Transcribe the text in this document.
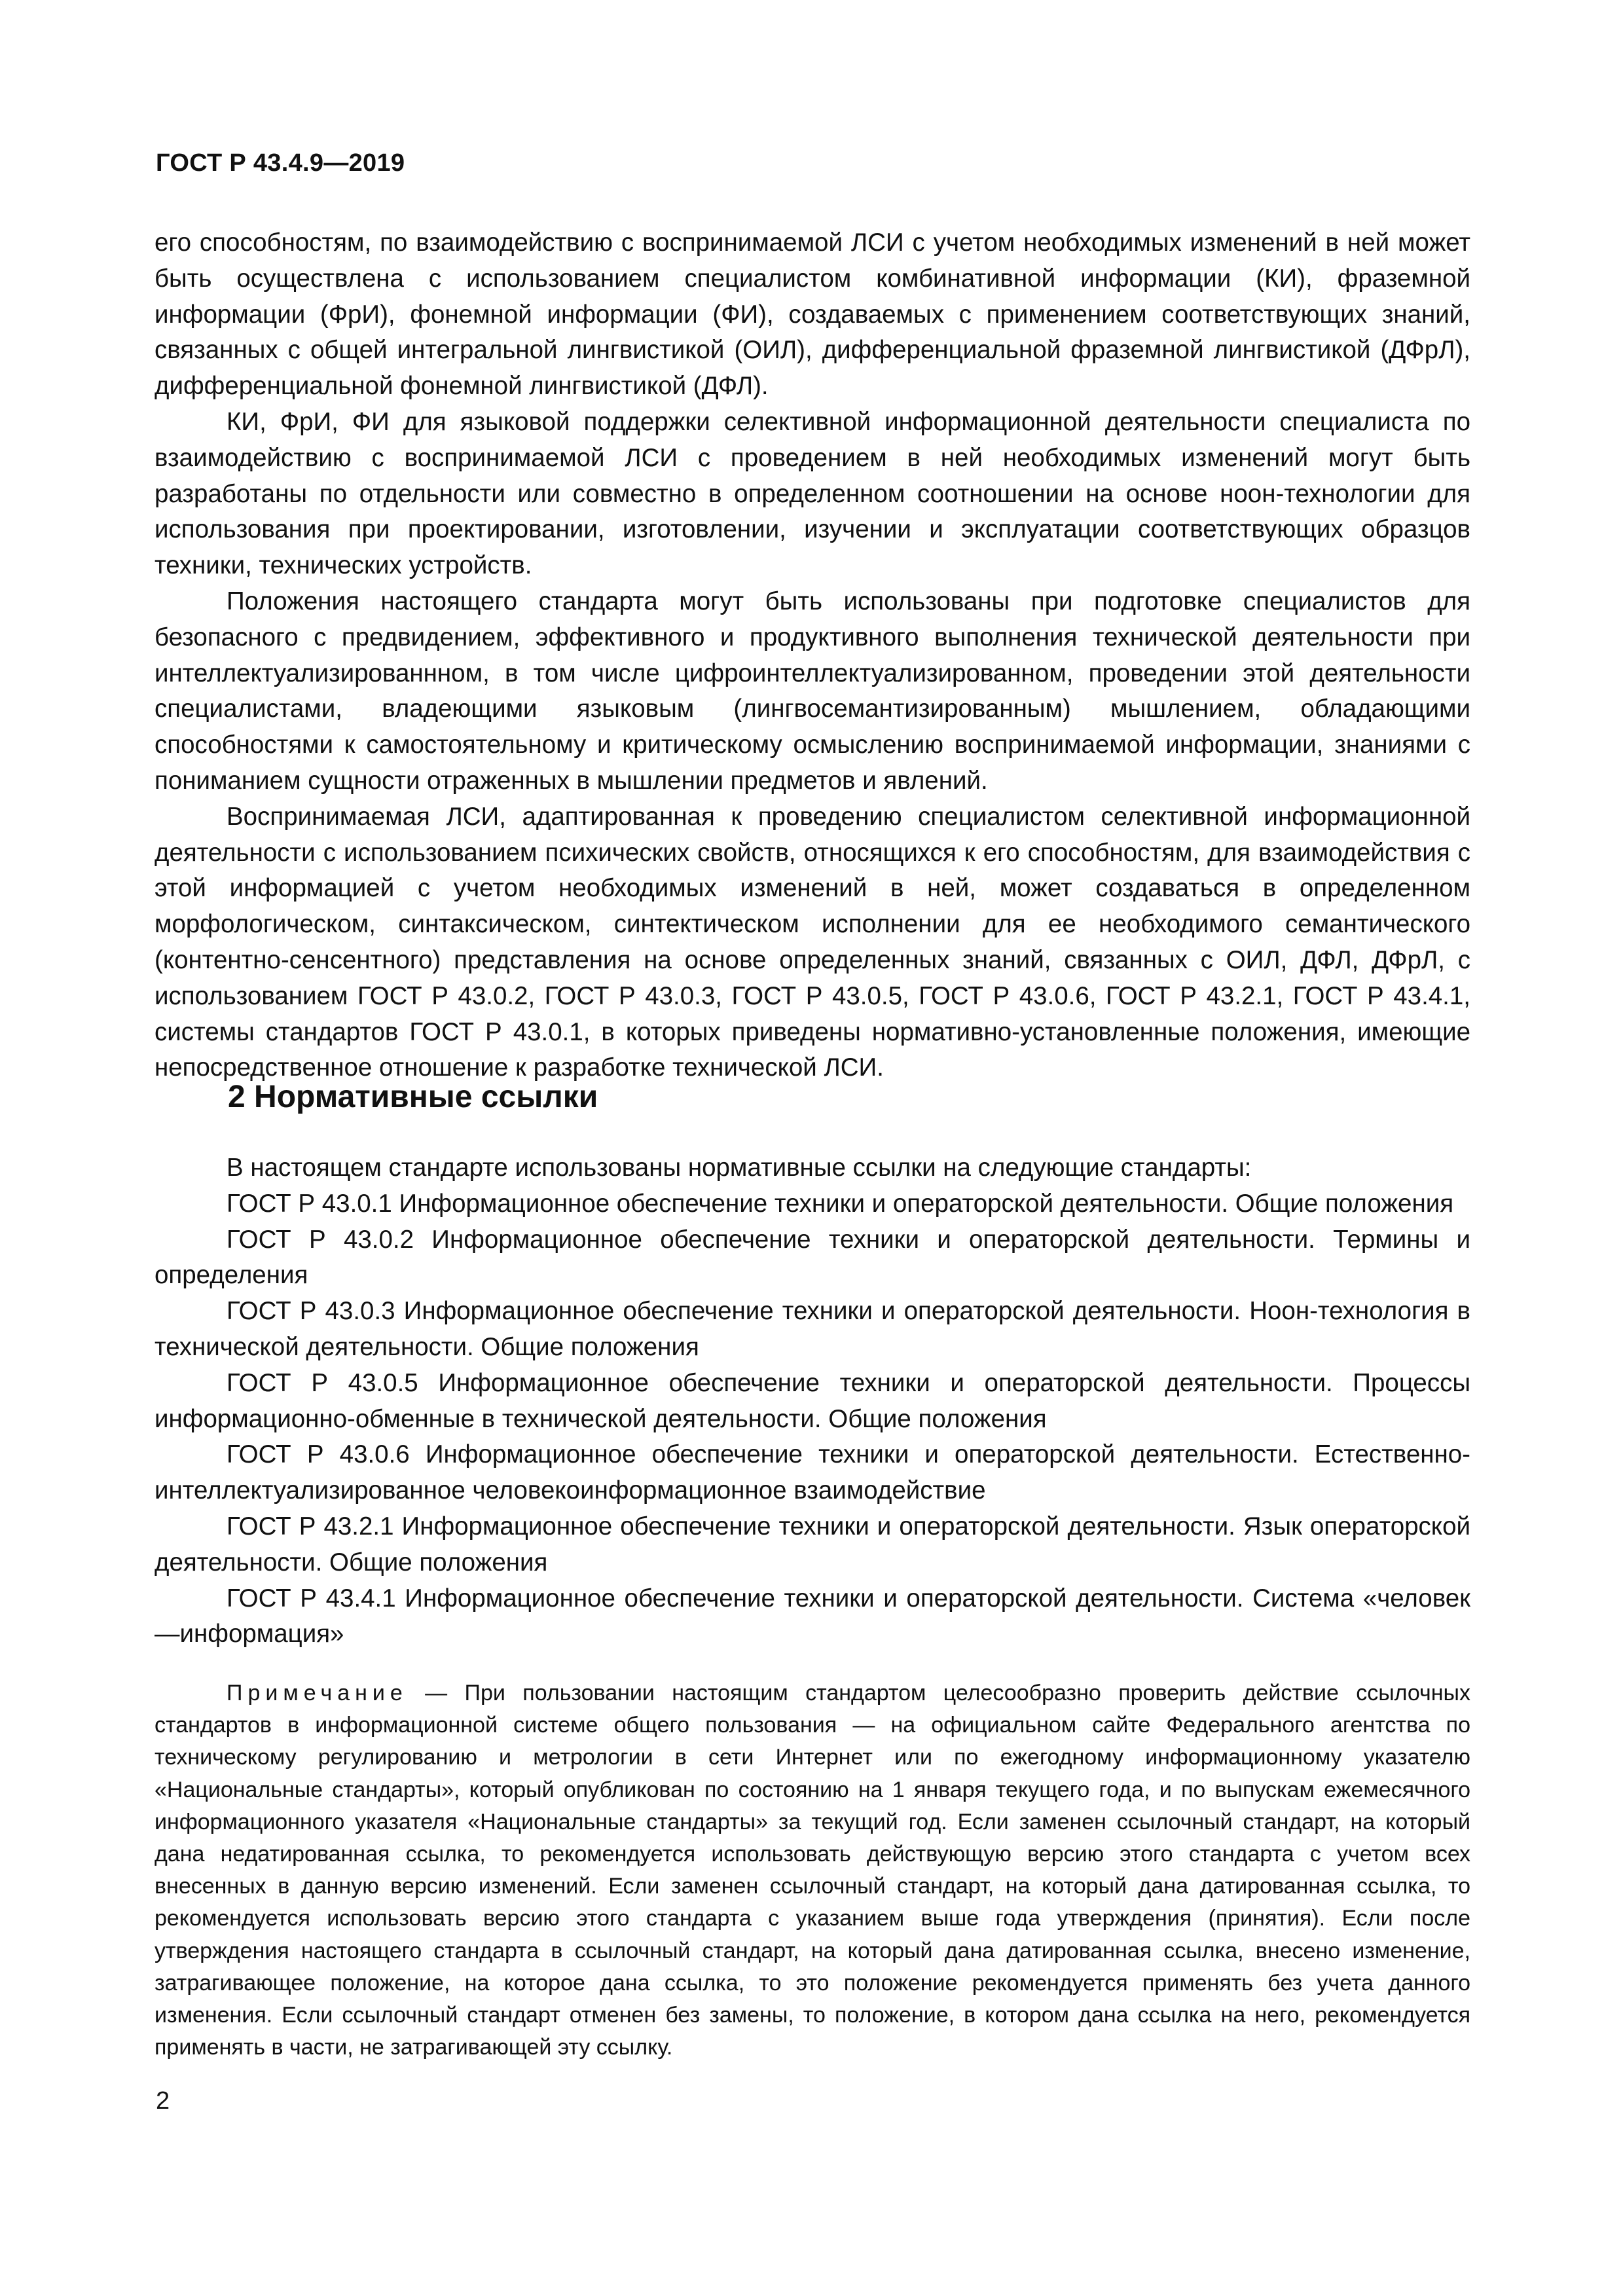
ГОСТ Р 43.4.9—2019

его способностям, по взаимодействию с воспринимаемой ЛСИ с учетом необходимых изменений в ней может быть осуществлена с использованием специалистом комбинативной информации (КИ), фраземной информации (ФрИ), фонемной информации (ФИ), создаваемых с применением соответствующих знаний, связанных с общей интегральной лингвистикой (ОИЛ), дифференциальной фраземной лингвистикой (ДФрЛ), дифференциальной фонемной лингвистикой (ДФЛ).

КИ, ФрИ, ФИ для языковой поддержки селективной информационной деятельности специалиста по взаимодействию с воспринимаемой ЛСИ с проведением в ней необходимых изменений могут быть разработаны по отдельности или совместно в определенном соотношении на основе ноон-технологии для использования при проектировании, изготовлении, изучении и эксплуатации соответствующих образцов техники, технических устройств.

Положения настоящего стандарта могут быть использованы при подготовке специалистов для безопасного с предвидением, эффективного и продуктивного выполнения технической деятельности при интеллектуализированнном, в том числе цифроинтеллектуализированном, проведении этой деятельности специалистами, владеющими языковым (лингвосемантизированным) мышлением, обладающими способностями к самостоятельному и критическому осмыслению воспринимаемой информации, знаниями с пониманием сущности отраженных в мышлении предметов и явлений.

Воспринимаемая ЛСИ, адаптированная к проведению специалистом селективной информационной деятельности с использованием психических свойств, относящихся к его способностям, для взаимодействия с этой информацией с учетом необходимых изменений в ней, может создаваться в определенном морфологическом, синтаксическом, синтектическом исполнении для ее необходимого семантического (контентно-сенсентного) представления на основе определенных знаний, связанных с ОИЛ, ДФЛ, ДФрЛ, с использованием ГОСТ Р 43.0.2, ГОСТ Р 43.0.3, ГОСТ Р 43.0.5, ГОСТ Р 43.0.6, ГОСТ Р 43.2.1, ГОСТ Р 43.4.1, системы стандартов ГОСТ Р 43.0.1, в которых приведены нормативно-установленные положения, имеющие непосредственное отношение к разработке технической ЛСИ.

2 Нормативные ссылки

В настоящем стандарте использованы нормативные ссылки на следующие стандарты:

ГОСТ Р 43.0.1 Информационное обеспечение техники и операторской деятельности. Общие положения

ГОСТ Р 43.0.2 Информационное обеспечение техники и операторской деятельности. Термины и определения

ГОСТ Р 43.0.3 Информационное обеспечение техники и операторской деятельности. Ноон-технология в технической деятельности. Общие положения

ГОСТ Р 43.0.5 Информационное обеспечение техники и операторской деятельности. Процессы информационно-обменные в технической деятельности. Общие положения

ГОСТ Р 43.0.6 Информационное обеспечение техники и операторской деятельности. Естественно-интеллектуализированное человекоинформационное взаимодействие

ГОСТ Р 43.2.1 Информационное обеспечение техники и операторской деятельности. Язык операторской деятельности. Общие положения

ГОСТ Р 43.4.1 Информационное обеспечение техники и операторской деятельности. Система «человек—информация»

Примечание — При пользовании настоящим стандартом целесообразно проверить действие ссылочных стандартов в информационной системе общего пользования — на официальном сайте Федерального агентства по техническому регулированию и метрологии в сети Интернет или по ежегодному информационному указателю «Национальные стандарты», который опубликован по состоянию на 1 января текущего года, и по выпускам ежемесячного информационного указателя «Национальные стандарты» за текущий год. Если заменен ссылочный стандарт, на который дана недатированная ссылка, то рекомендуется использовать действующую версию этого стандарта с учетом всех внесенных в данную версию изменений. Если заменен ссылочный стандарт, на который дана датированная ссылка, то рекомендуется использовать версию этого стандарта с указанием выше года утверждения (принятия). Если после утверждения настоящего стандарта в ссылочный стандарт, на который дана датированная ссылка, внесено изменение, затрагивающее положение, на которое дана ссылка, то это положение рекомендуется применять без учета данного изменения. Если ссылочный стандарт отменен без замены, то положение, в котором дана ссылка на него, рекомендуется применять в части, не затрагивающей эту ссылку.

2
